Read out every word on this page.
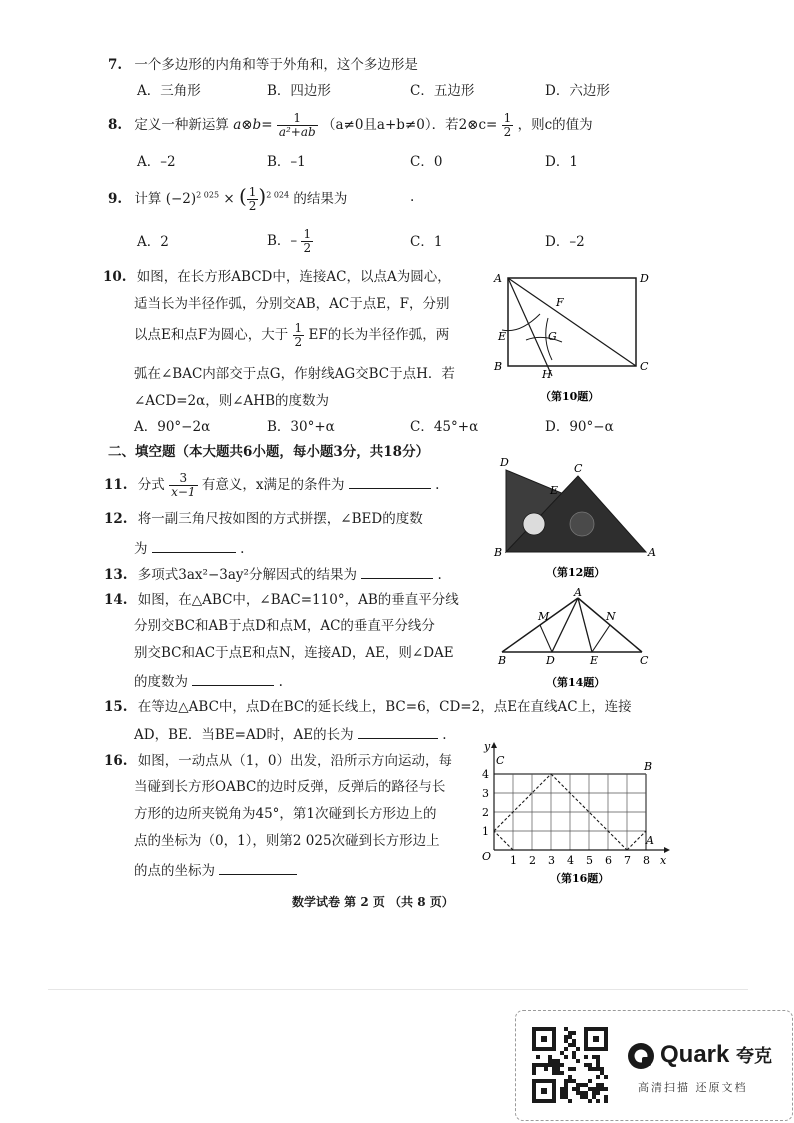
7. 一个多边形的内角和等于外角和，这个多边形是
A．三角形	B．四边形	C．五边形	D．六边形
8. 定义一种新运算 a⊗b= $\frac{1}{\text{a²+ab}} (a\ne 0$且a+b≠0）．若2⊗c= $\frac{1}{2}$ ，则c的值为
A．–2	B．–1	C．0	D．1
9. 计算 $(-2)^{2 025}$ × ( $\frac{1}{2} )^{2 024}$ 的结果为	.
A．2	B．– $\frac{1}{2}$	C．1	D．–2
10. 如图，在长方形ABCD中，连接AC，以点A为圆心，
适当长为半径作弧，分别交AB，AC于点E，F，分别
以点E和点F为圆心，大于 $\frac{1}{2}$ EF的长为半径作弧，两
弧在∠BAC内部交于点G，作射线AG交BC于点H．若
∠ACD=2α，则∠AHB的度数为
A．90°−2α	B．30°+α	C．45°+α	D．90°−α
A	D
B	C
E
F
G
H
（第10题）
二、填空题（本大题共6小题，每小题3分，共18分）
11. 分式 $\frac{3}{x-1}$ 有意义，x满足的条件为	.
12. 将一副三角尺按如图的方式拼摆，∠BED的度数
为	.
D	C
E
B	A
（第12题）
13. 多项式3ax²−3ay²分解因式的结果为	.
14. 如图，在△ABC中，∠BAC=110°，AB的垂直平分线
分别交BC和AB于点D和点M，AC的垂直平分线分
别交BC和AC于点E和点N，连接AD，AE，则∠DAE
的度数为	.
A
M	N
B	D	E	C
（第14题）
15. 在等边△ABC中，点D在BC的延长线上，BC=6，CD=2，点E在直线AC上，连接
AD，BE．当BE=AD时，AE的长为	.
16. 如图，一动点从（1，0）出发，沿所示方向运动，每
当碰到长方形OABC的边时反弹，反弹后的路径与长
方形的边所夹锐角为45°，第1次碰到长方形边上的
点的坐标为（0，1），则第2 025次碰到长方形边上
的点的坐标为
1 2 3 4 5 6 7 8
1
2
3
4
O	x
y
C	B
A
（第16题）
数学试卷 第 2 页 （共 8 页）
Quark 夸克
高清扫描 还原文档
